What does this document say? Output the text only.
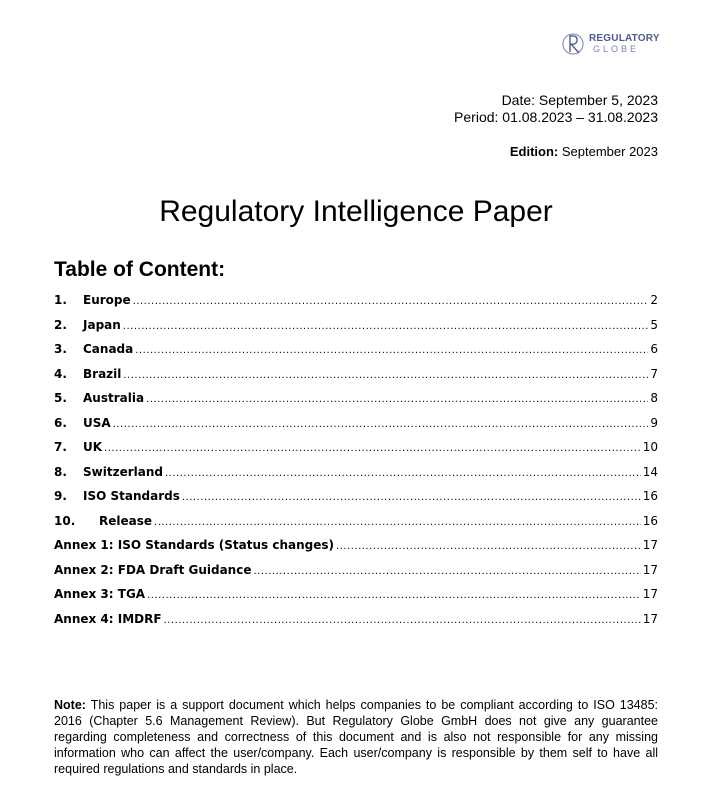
REGULATORY
GLOBE
Date: September 5, 2023
Period: 01.08.2023 – 31.08.2023
Edition: September 2023
Regulatory Intelligence Paper
Table of Content:
1.	Europe .....	2
2.	Japan .....	5
3.	Canada .....	6
4.	Brazil .....	7
5.	Australia .....	8
6.	USA .....	9
7.	UK .....	10
8.	Switzerland .....	14
9.	ISO Standards .....	16
10.	Release .....	16
Annex 1: ISO Standards (Status changes) .....	17
Annex 2: FDA Draft Guidance .....	17
Annex 3: TGA .....	17
Annex 4: IMDRF .....	17
Note: This paper is a support document which helps companies to be compliant according to ISO 13485: 2016 (Chapter 5.6 Management Review). But Regulatory Globe GmbH does not give any guarantee regarding completeness and correctness of this document and is also not responsible for any missing information who can affect the user/company. Each user/company is responsible by them self to have all required regulations and standards in place.
